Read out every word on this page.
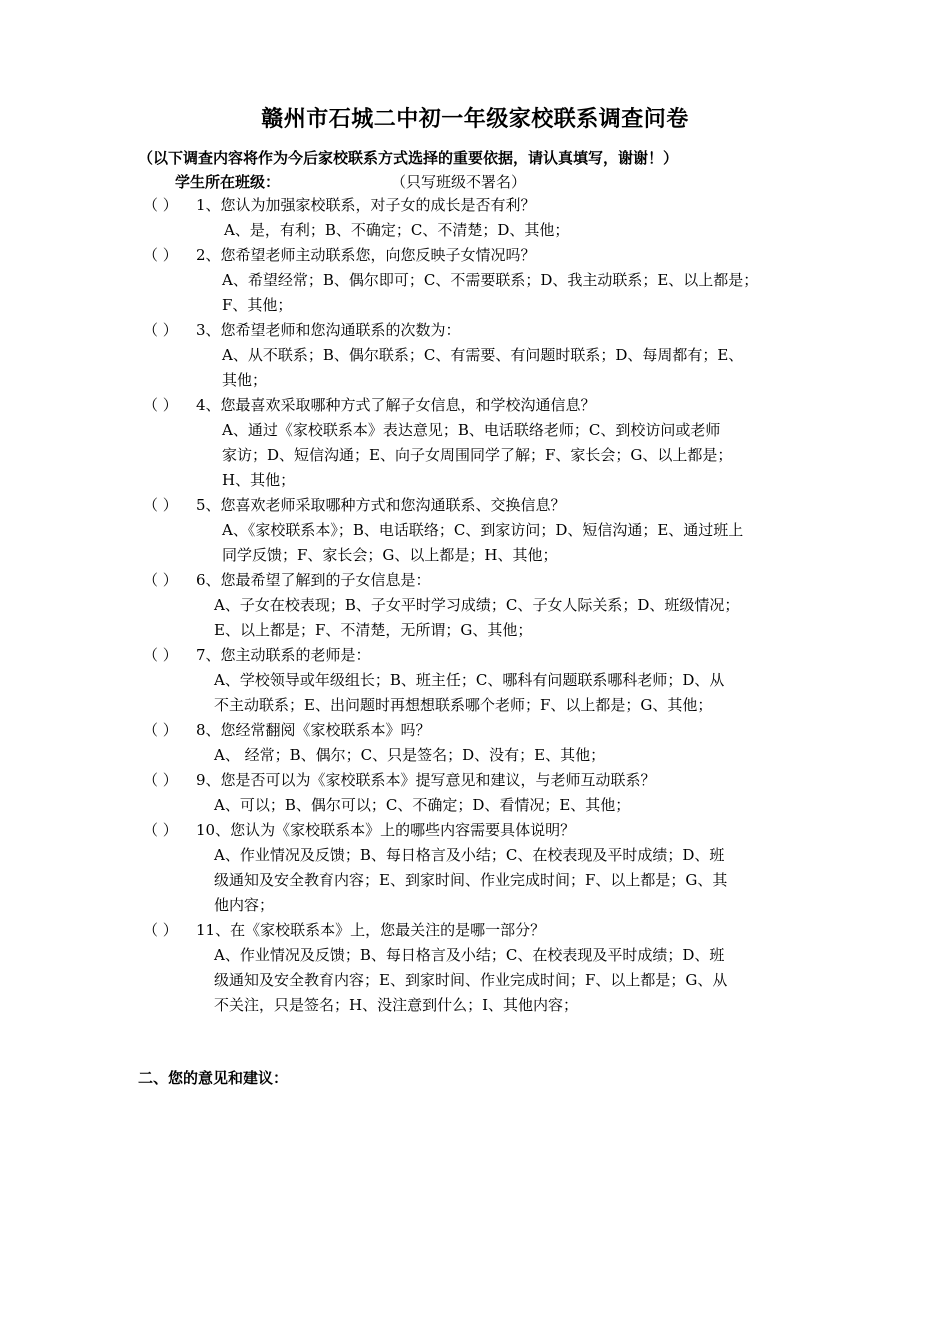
赣州市石城二中初一年级家校联系调查问卷
（以下调查内容将作为今后家校联系方式选择的重要依据，请认真填写，谢谢！）
学生所在班级：	（只写班级不署名）
（ ） 1、您认为加强家校联系，对子女的成长是否有利？
A、是，有利；B、不确定；C、不清楚；D、其他；
（ ） 2、您希望老师主动联系您，向您反映子女情况吗？
A、希望经常；B、偶尔即可；C、不需要联系；D、我主动联系；E、以上都是；
F、其他；
（ ） 3、您希望老师和您沟通联系的次数为：
A、从不联系；B、偶尔联系；C、有需要、有问题时联系；D、每周都有；E、
其他；
（ ） 4、您最喜欢采取哪种方式了解子女信息，和学校沟通信息？
A、通过《家校联系本》表达意见；B、电话联络老师；C、到校访问或老师
家访；D、短信沟通；E、向子女周围同学了解；F、家长会；G、以上都是；
H、其他；
（ ） 5、您喜欢老师采取哪种方式和您沟通联系、交换信息？
A、《家校联系本》；B、电话联络；C、到家访问；D、短信沟通；E、通过班上
同学反馈；F、家长会；G、以上都是；H、其他；
（ ） 6、您最希望了解到的子女信息是：
A、子女在校表现；B、子女平时学习成绩；C、子女人际关系；D、班级情况；
E、以上都是；F、不清楚，无所谓；G、其他；
（ ） 7、您主动联系的老师是：
A、学校领导或年级组长；B、班主任；C、哪科有问题联系哪科老师；D、从
不主动联系；E、出问题时再想想联系哪个老师；F、以上都是；G、其他；
（ ） 8、您经常翻阅《家校联系本》吗？
A、 经常；B、偶尔；C、只是签名；D、没有；E、其他；
（ ） 9、您是否可以为《家校联系本》提写意见和建议，与老师互动联系？
A、可以；B、偶尔可以；C、不确定；D、看情况；E、其他；
（ ） 10、您认为《家校联系本》上的哪些内容需要具体说明？
A、作业情况及反馈；B、每日格言及小结；C、在校表现及平时成绩；D、班
级通知及安全教育内容；E、到家时间、作业完成时间；F、以上都是；G、其
他内容；
（ ） 11、在《家校联系本》上，您最关注的是哪一部分？
A、作业情况及反馈；B、每日格言及小结；C、在校表现及平时成绩；D、班
级通知及安全教育内容；E、到家时间、作业完成时间；F、以上都是；G、从
不关注，只是签名；H、没注意到什么；I、其他内容；
二、您的意见和建议：
